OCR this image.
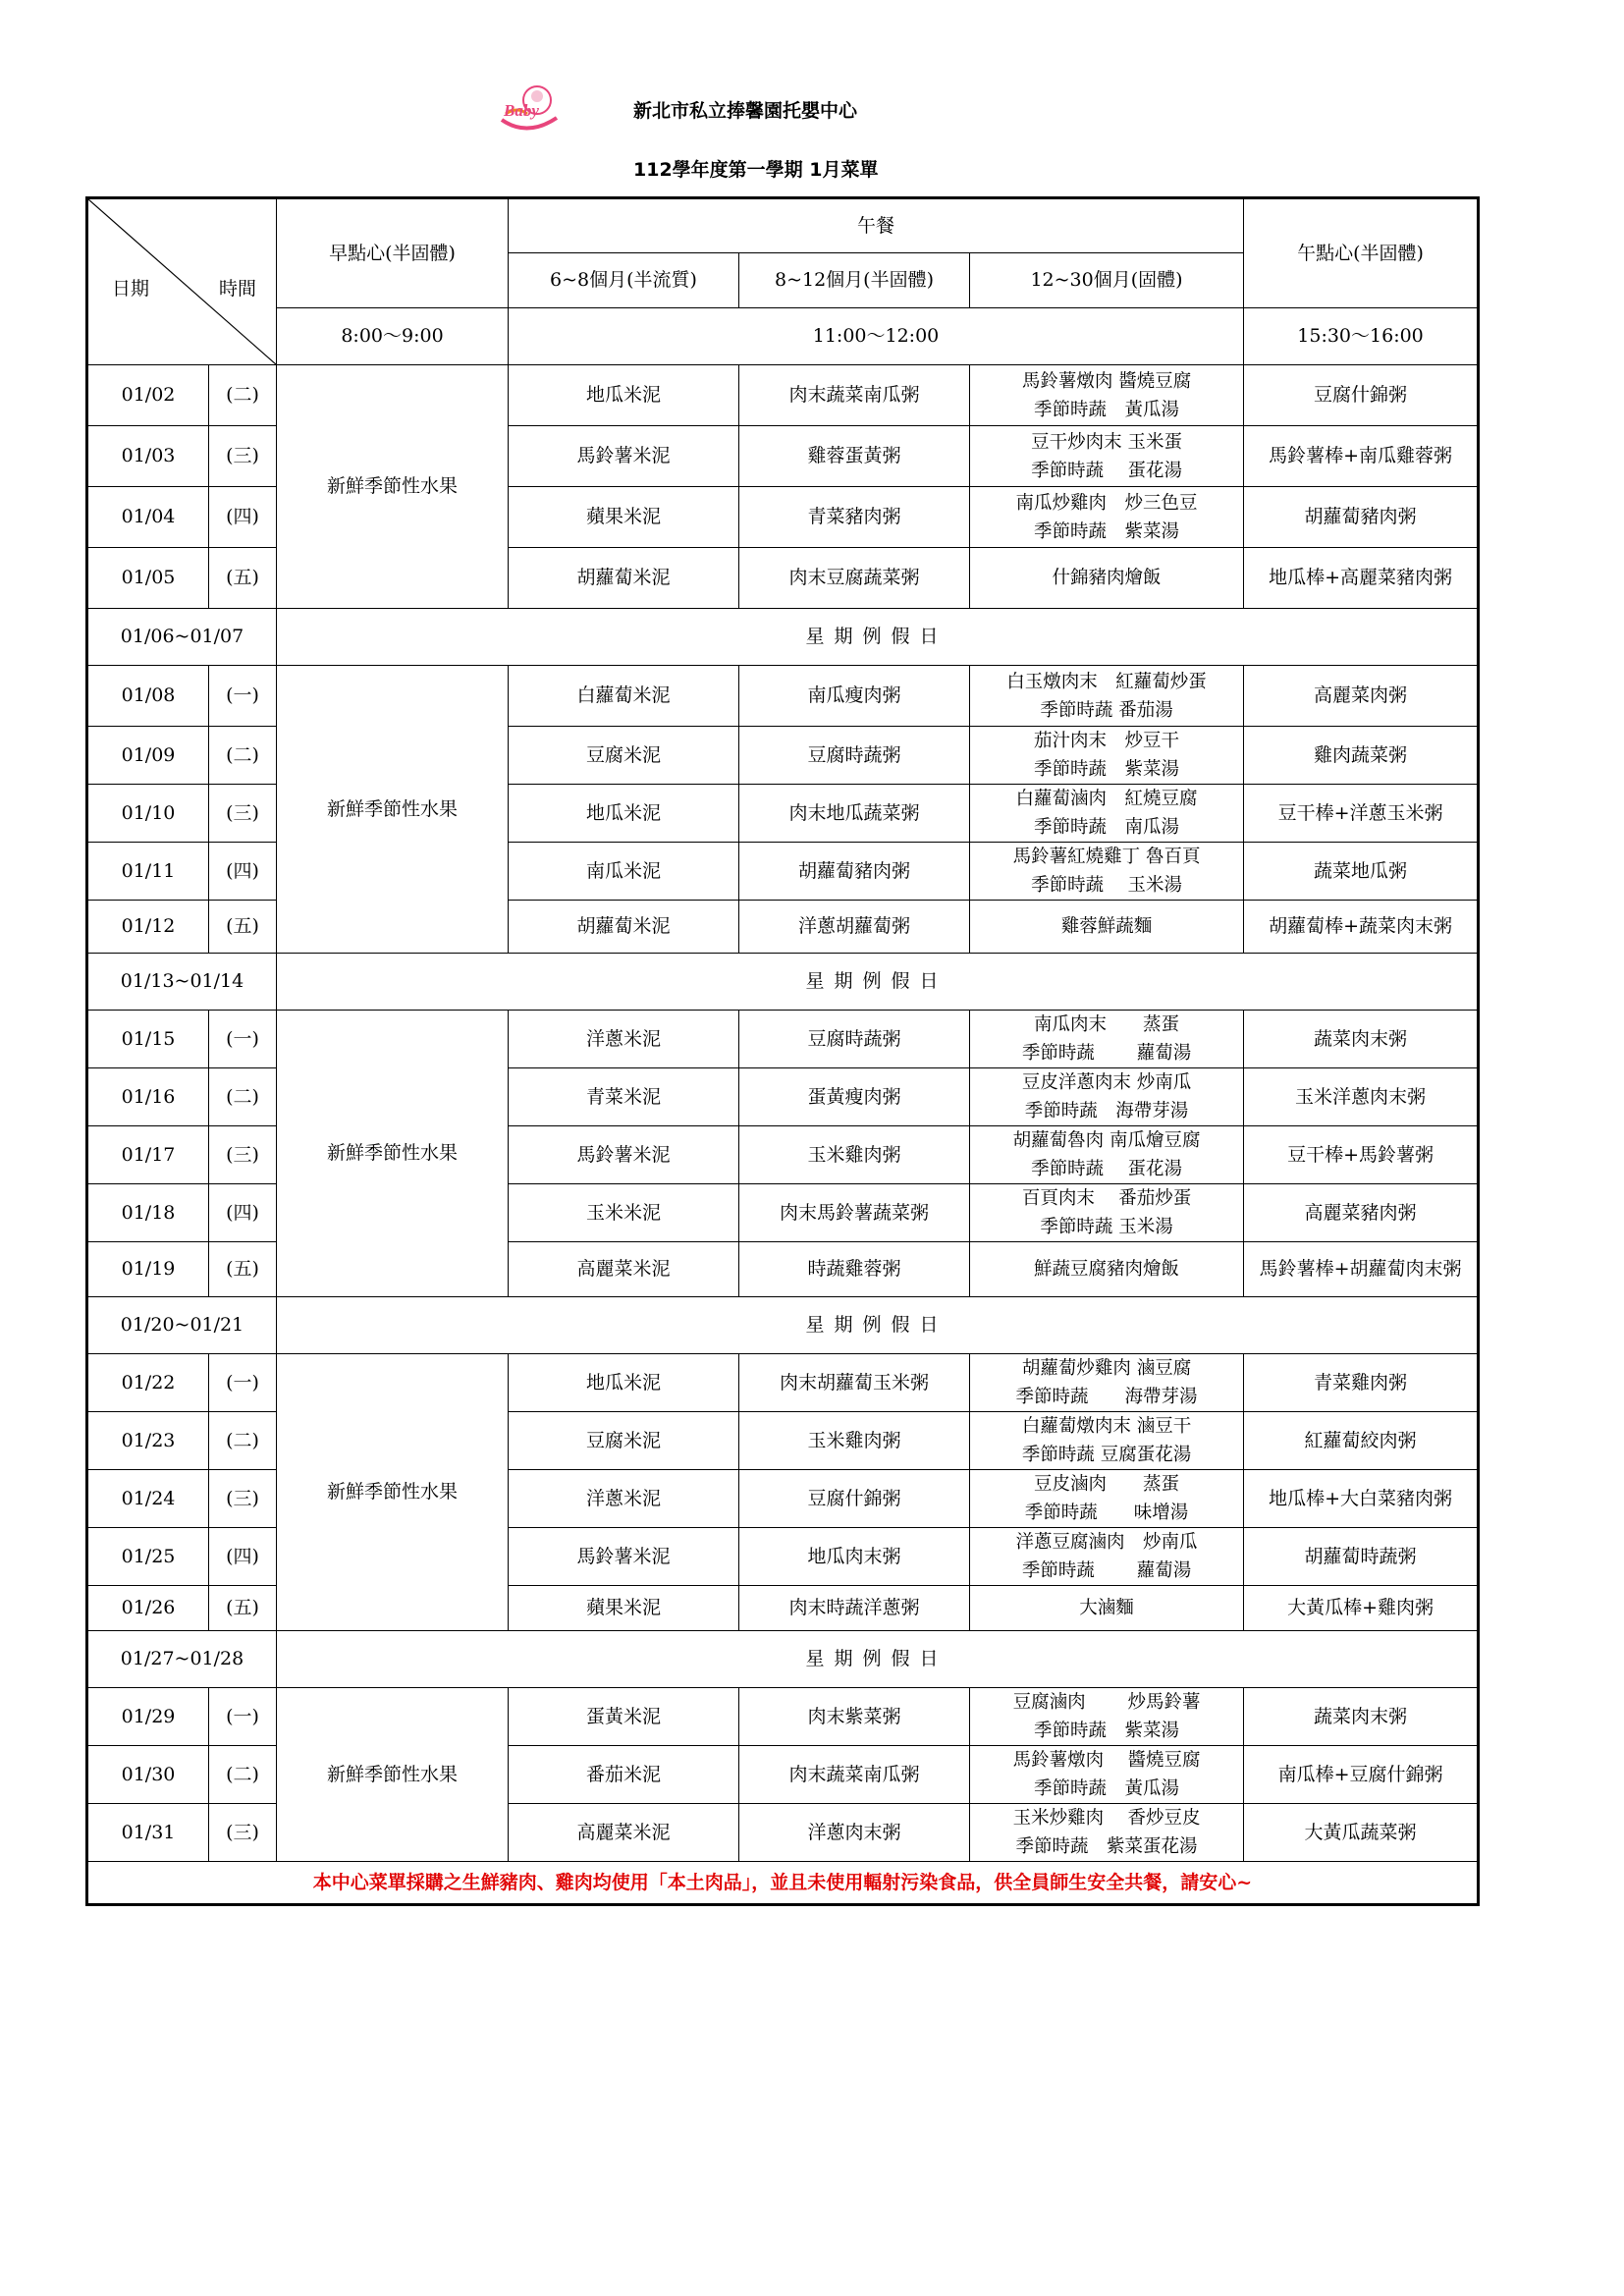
Baby	新北市私立捧馨園托嬰中心
112學年度第一學期 1月菜單
日期 時間		早點心(半固體)	午餐			午點心(半固體)
			6~8個月(半流質)	8~12個月(半固體)	12~30個月(固體)	
		8:00～9:00	11:00～12:00			15:30～16:00
01/02	(二)	新鮮季節性水果	地瓜米泥	肉末蔬菜南瓜粥	馬鈴薯燉肉 醬燒豆腐
季節時蔬　黃瓜湯	豆腐什錦粥
01/03	(三)		馬鈴薯米泥	雞蓉蛋黃粥	豆干炒肉末 玉米蛋
季節時蔬　 蛋花湯	馬鈴薯棒+南瓜雞蓉粥
01/04	(四)		蘋果米泥	青菜豬肉粥	南瓜炒雞肉　炒三色豆
季節時蔬　紫菜湯	胡蘿蔔豬肉粥
01/05	(五)		胡蘿蔔米泥	肉末豆腐蔬菜粥	什錦豬肉燴飯	地瓜棒+高麗菜豬肉粥
01/06~01/07		星期例假日				
01/08	(一)	新鮮季節性水果	白蘿蔔米泥	南瓜瘦肉粥	白玉燉肉末　紅蘿蔔炒蛋
季節時蔬 番茄湯	高麗菜肉粥
01/09	(二)		豆腐米泥	豆腐時蔬粥	茄汁肉末　炒豆干
季節時蔬　紫菜湯	雞肉蔬菜粥
01/10	(三)		地瓜米泥	肉末地瓜蔬菜粥	白蘿蔔滷肉　紅燒豆腐
季節時蔬　南瓜湯	豆干棒+洋蔥玉米粥
01/11	(四)		南瓜米泥	胡蘿蔔豬肉粥	馬鈴薯紅燒雞丁 魯百頁
季節時蔬　 玉米湯	蔬菜地瓜粥
01/12	(五)		胡蘿蔔米泥	洋蔥胡蘿蔔粥	雞蓉鮮蔬麵	胡蘿蔔棒+蔬菜肉末粥
01/13~01/14		星期例假日				
01/15	(一)	新鮮季節性水果	洋蔥米泥	豆腐時蔬粥	南瓜肉末　　蒸蛋
季節時蔬　　 蘿蔔湯	蔬菜肉末粥
01/16	(二)		青菜米泥	蛋黃瘦肉粥	豆皮洋蔥肉末 炒南瓜
季節時蔬　海帶芽湯	玉米洋蔥肉末粥
01/17	(三)		馬鈴薯米泥	玉米雞肉粥	胡蘿蔔魯肉 南瓜燴豆腐
季節時蔬　 蛋花湯	豆干棒+馬鈴薯粥
01/18	(四)		玉米米泥	肉末馬鈴薯蔬菜粥	百頁肉末　 番茄炒蛋
季節時蔬 玉米湯	高麗菜豬肉粥
01/19	(五)		高麗菜米泥	時蔬雞蓉粥	鮮蔬豆腐豬肉燴飯	馬鈴薯棒+胡蘿蔔肉末粥
01/20~01/21		星期例假日				
01/22	(一)	新鮮季節性水果	地瓜米泥	肉末胡蘿蔔玉米粥	胡蘿蔔炒雞肉 滷豆腐
季節時蔬　　海帶芽湯	青菜雞肉粥
01/23	(二)		豆腐米泥	玉米雞肉粥	白蘿蔔燉肉末 滷豆干
季節時蔬 豆腐蛋花湯	紅蘿蔔絞肉粥
01/24	(三)		洋蔥米泥	豆腐什錦粥	豆皮滷肉　　蒸蛋
季節時蔬　　味增湯	地瓜棒+大白菜豬肉粥
01/25	(四)		馬鈴薯米泥	地瓜肉末粥	洋蔥豆腐滷肉　炒南瓜
季節時蔬　　 蘿蔔湯	胡蘿蔔時蔬粥
01/26	(五)		蘋果米泥	肉末時蔬洋蔥粥	大滷麵	大黃瓜棒+雞肉粥
01/27~01/28		星期例假日				
01/29	(一)	新鮮季節性水果	蛋黃米泥	肉末紫菜粥	豆腐滷肉　　 炒馬鈴薯
季節時蔬　紫菜湯	蔬菜肉末粥
01/30	(二)		番茄米泥	肉末蔬菜南瓜粥	馬鈴薯燉肉　 醬燒豆腐
季節時蔬　黃瓜湯	南瓜棒+豆腐什錦粥
01/31	(三)		高麗菜米泥	洋蔥肉末粥	玉米炒雞肉　 香炒豆皮
季節時蔬　紫菜蛋花湯	大黃瓜蔬菜粥
本中心菜單採購之生鮮豬肉、雞肉均使用「本土肉品」，並且未使用輻射污染食品，供全員師生安全共餐，請安心~						
